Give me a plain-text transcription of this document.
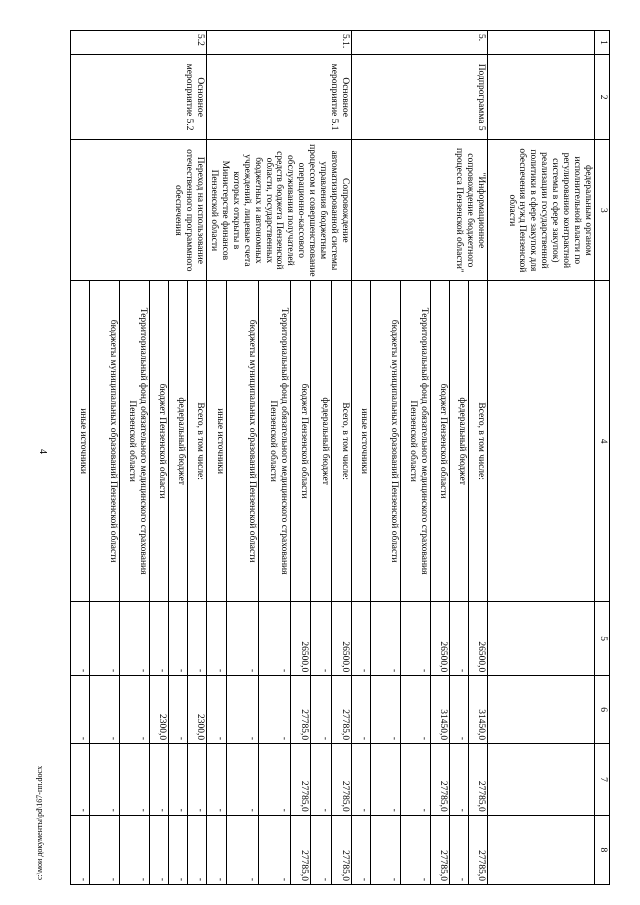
4
c:\мои документы\pd\167-пп.docx
1	2	3	4	5	6	7	8
		федеральным органом исполнительной власти по регулированию контрактной системы в сфере закупок) реализации государственной политики в сфере закупок для обеспечения нужд Пензенской области					
5.	Подпрограмма 5	"Информационное сопровождение бюджетного процесса Пензенской области"	Всего, в том числе:	26500,0	31450,0	27785,0	27785,0
			федеральный бюджет	-	-	-	-
			бюджет Пензенской области	26500,0	31450,0	27785,0	27785,0
			Территориальный фонд обязательного медицинского страхования Пензенской области	-	-	-	-
			бюджеты муниципальных образований Пензенской области	-	-	-	-
			иные источники	-	-	-	-
5.1.	Основное мероприятие 5.1	Сопровождение автоматизированной системы управления бюджетным процессом и совершенствование операционно-кассового обслуживания получателей средств бюджета Пензенской области, государственных бюджетных и автономных учреждений, лицевые счета которых открыты в Министерстве финансов Пензенской области	Всего, в том числе:	26500,0	27785,0	27785,0	27785,0
			федеральный бюджет	-	-	-	-
			бюджет Пензенской области	26500,0	27785,0	27785,0	27785,0
			Территориальный фонд обязательного медицинского страхования Пензенской области	-	-	-	-
			бюджеты муниципальных образований Пензенской области	-	-	-	-
			иные источники	-	-	-	-
5.2	Основное мероприятие 5.2	Переход на использование отечественного программного обеспечения	Всего, в том числе:	-	2300,0	-	-
			федеральный бюджет	-	-	-	-
			бюджет Пензенской области	-	2300,0	-	-
			Территориальный фонд обязательного медицинского страхования Пензенской области	-	-	-	-
			бюджеты муниципальных образований Пензенской области	-	-	-	-
			иные источники	-	-	-	-
